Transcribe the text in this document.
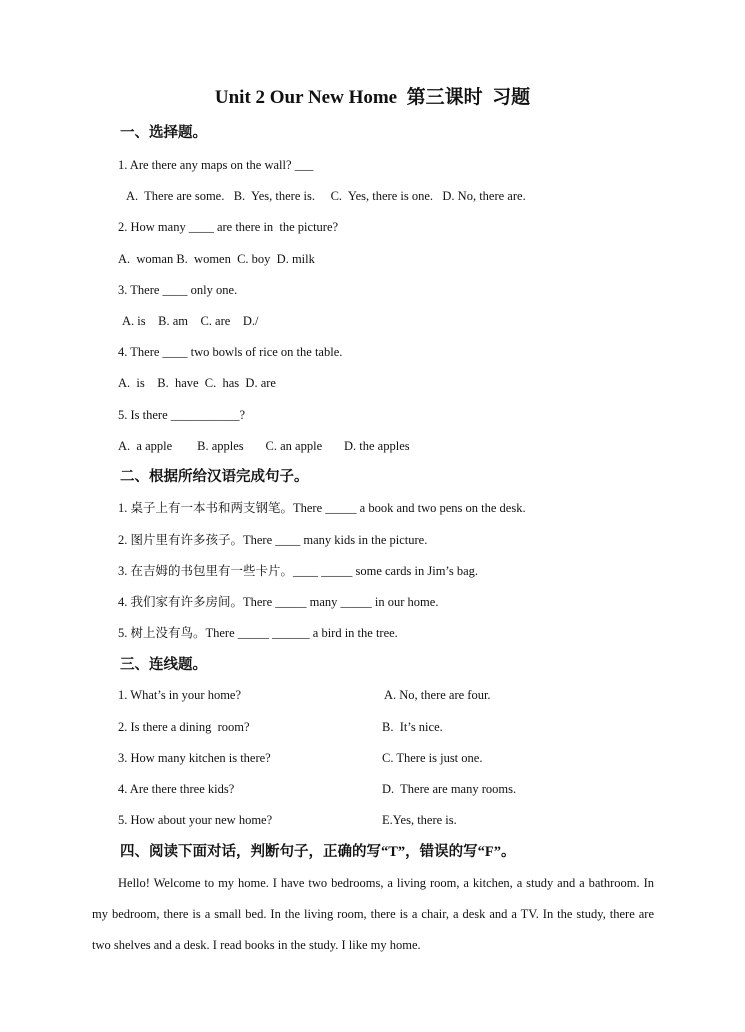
Unit 2 Our New Home  第三课时  习题
一、选择题。
1. Are there any maps on the wall? ___
A.  There are some.   B.  Yes, there is.     C.  Yes, there is one.   D. No, there are.
2. How many ____ are there in  the picture?
A.  woman B.  women  C. boy  D. milk
3. There ____ only one.
A. is    B. am    C. are    D./
4. There ____ two bowls of rice on the table.
A.  is    B.  have  C.  has  D. are
5. Is there ___________?
A.  a apple        B. apples       C. an apple       D. the apples
二、根据所给汉语完成句子。
1. 桌子上有一本书和两支钢笔。There _____ a book and two pens on the desk.
2. 图片里有许多孩子。There ____ many kids in the picture.
3. 在吉姆的书包里有一些卡片。____ _____ some cards in Jim’s bag.
4. 我们家有许多房间。There _____ many _____ in our home.
5. 树上没有鸟。There _____ ______ a bird in the tree.
三、连线题。
1. What’s in your home?	A. No, there are four.
2. Is there a dining  room?	B.  It’s nice.
3. How many kitchen is there?	C. There is just one.
4. Are there three kids?	D.  There are many rooms.
5. How about your new home?	E.Yes, there is.
四、阅读下面对话，判断句子，正确的写“T”，错误的写“F”。
Hello! Welcome to my home. I have two bedrooms, a living room, a kitchen, a study and a bathroom. In my bedroom, there is a small bed. In the living room, there is a chair, a desk and a TV. In the study, there are two shelves and a desk. I read books in the study. I like my home.
